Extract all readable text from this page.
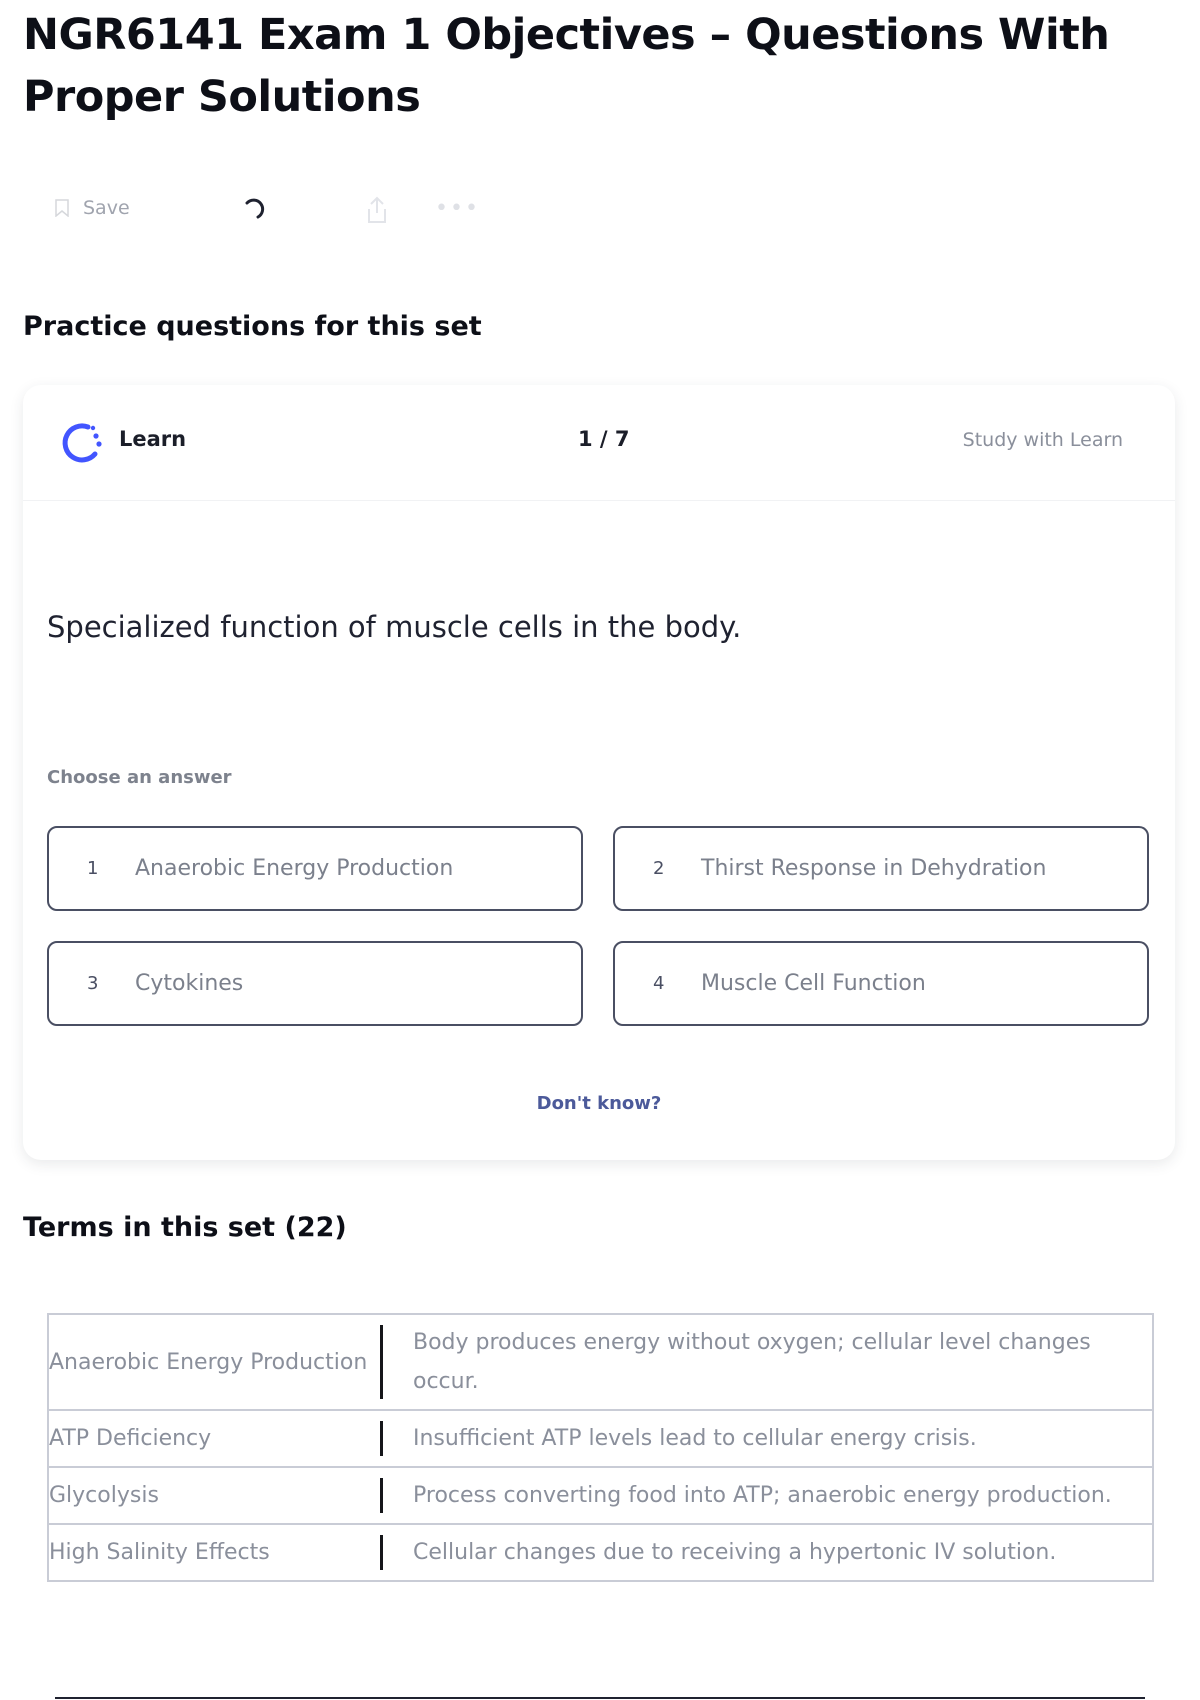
NGR6141 Exam 1 Objectives – Questions With Proper Solutions
Save	•••
Practice questions for this set
Learn	1 / 7	Study with Learn
Specialized function of muscle cells in the body.
Choose an answer
1	Anaerobic Energy Production	2	Thirst Response in Dehydration
3	Cytokines	4	Muscle Cell Function
Don't know?
Terms in this set (22)
Anaerobic Energy Production	Body produces energy without oxygen; cellular level changes occur.
ATP Deficiency	Insufficient ATP levels lead to cellular energy crisis.
Glycolysis	Process converting food into ATP; anaerobic energy production.
High Salinity Effects	Cellular changes due to receiving a hypertonic IV solution.
